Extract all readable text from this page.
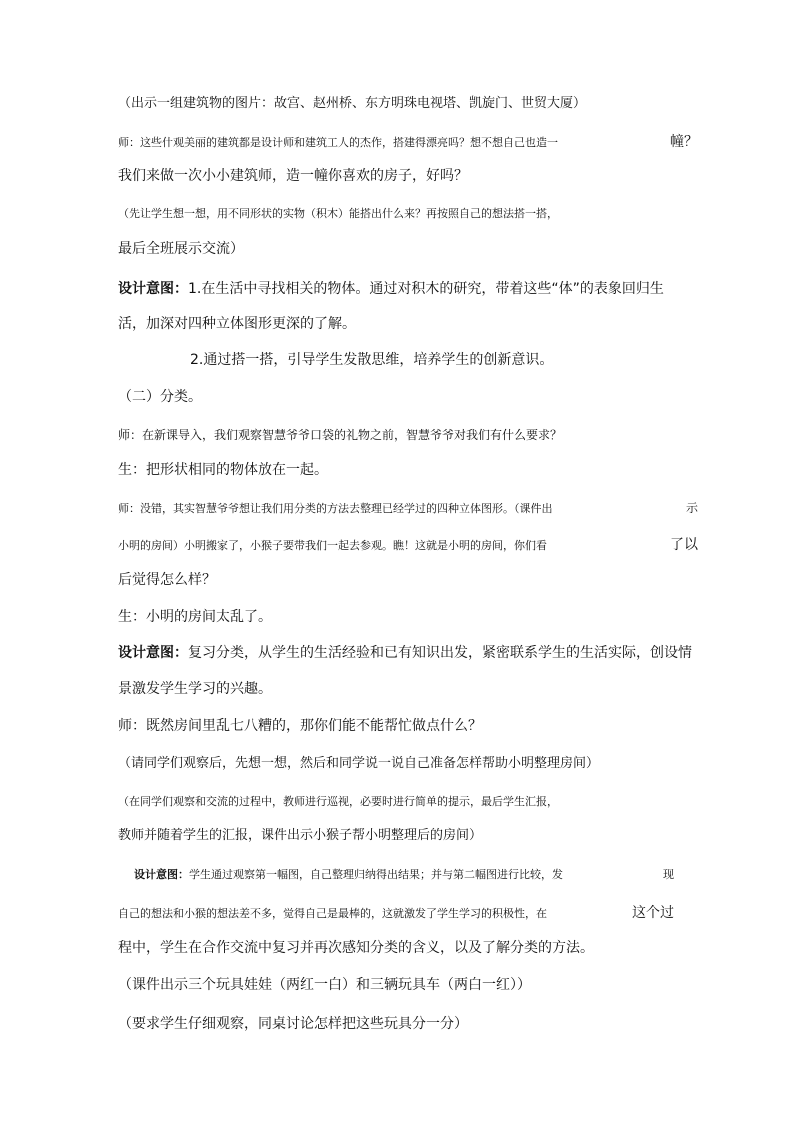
（出示一组建筑物的图片：故宫、赵州桥、东方明珠电视塔、凯旋门、世贸大厦）
师：这些什观美丽的建筑都是设计师和建筑工人的杰作，搭建得漂亮吗？想不想自己也造一	幢？
我们来做一次小小建筑师，造一幢你喜欢的房子，好吗？
（先让学生想一想，用不同形状的实物（积木）能搭出什么来？再按照自己的想法搭一搭，
最后全班展示交流）
设计意图：1.在生活中寻找相关的物体。通过对积木的研究，带着这些“体”的表象回归生
活，加深对四种立体图形更深的了解。
2.通过搭一搭，引导学生发散思维，培养学生的创新意识。
（二）分类。
师：在新课导入，我们观察智慧爷爷口袋的礼物之前，智慧爷爷对我们有什么要求？
生：把形状相同的物体放在一起。
师：没错，其实智慧爷爷想让我们用分类的方法去整理已经学过的四种立体图形。（课件出	示
小明的房间）小明搬家了，小猴子要带我们一起去参观。瞧！这就是小明的房间，你们看	了以
后觉得怎么样？
生：小明的房间太乱了。
设计意图：复习分类，从学生的生活经验和已有知识出发，紧密联系学生的生活实际，创设情
景激发学生学习的兴趣。
师：既然房间里乱七八糟的，那你们能不能帮忙做点什么？
（请同学们观察后，先想一想，然后和同学说一说自己准备怎样帮助小明整理房间）
（在同学们观察和交流的过程中，教师进行巡视，必要时进行简单的提示，最后学生汇报，
教师并随着学生的汇报，课件出示小猴子帮小明整理后的房间）
设计意图：学生通过观察第一幅图，自己整理归纳得出结果；并与第二幅图进行比较，发	现
自己的想法和小猴的想法差不多，觉得自己是最棒的，这就激发了学生学习的积极性，在	这个过
程中，学生在合作交流中复习并再次感知分类的含义，以及了解分类的方法。
（课件出示三个玩具娃娃（两红一白）和三辆玩具车（两白一红））
（要求学生仔细观察，同桌讨论怎样把这些玩具分一分）
